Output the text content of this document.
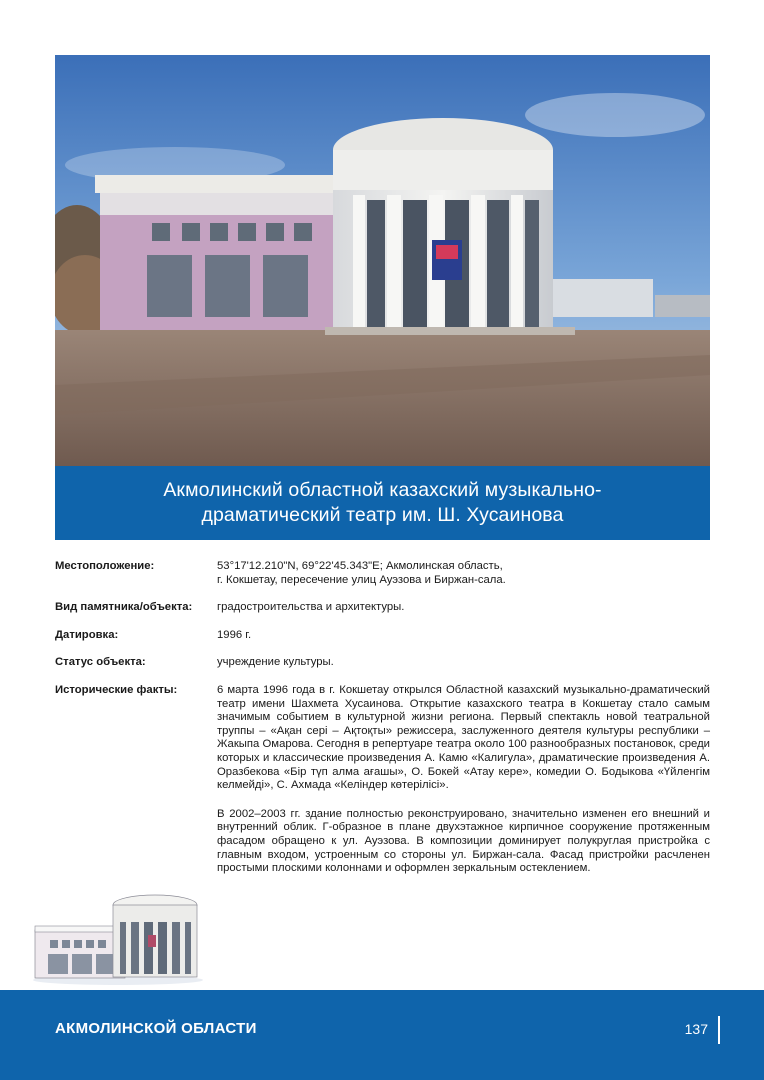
Акмолинский областной казахский музыкально-
драматический театр им. Ш. Хусаинова
Местоположение:	53°17'12.210"N, 69°22'45.343"E; Акмолинская область,
г. Кокшетау, пересечение улиц Ауэзова и Биржан-сала.
Вид памятника/объекта:	градостроительства и архитектуры.
Датировка:	1996 г.
Статус объекта:	учреждение культуры.
Исторические факты:	6 марта 1996 года в г. Кокшетау открылся Областной казахский музыкально-драматический театр имени Шахмета Хусаинова. Открытие казахского театра в Кокшетау стало самым значимым событием в культурной жизни региона. Первый спектакль новой театральной труппы – «Ақан сері – Ақтоқты» режиссера, заслуженного деятеля культуры республики – Жакыпа Омарова. Сегодня в репертуаре театра около 100 разнообразных постановок, среди которых и классические произведения А. Камю «Калигула», драматические произведения А. Оразбекова «Бір түп алма ағашы», О. Бокей «Атау кере», комедии О. Бодыкова «Үйленгім келмейді», С. Ахмада «Келіндер көтерілісі».

В 2002–2003 гг. здание полностью реконструировано, значительно изменен его внешний и внутренний облик. Г-образное в плане двухэтажное кирпичное сооружение протяженным фасадом обращено к ул. Ауэзова. В композиции доминирует полукруглая пристройка с главным входом, устроенным со стороны ул. Биржан-сала. Фасад пристройки расчленен простыми плоскими колоннами и оформлен зеркальным остеклением.

АКМОЛИНСКОЙ ОБЛАСТИ	137
